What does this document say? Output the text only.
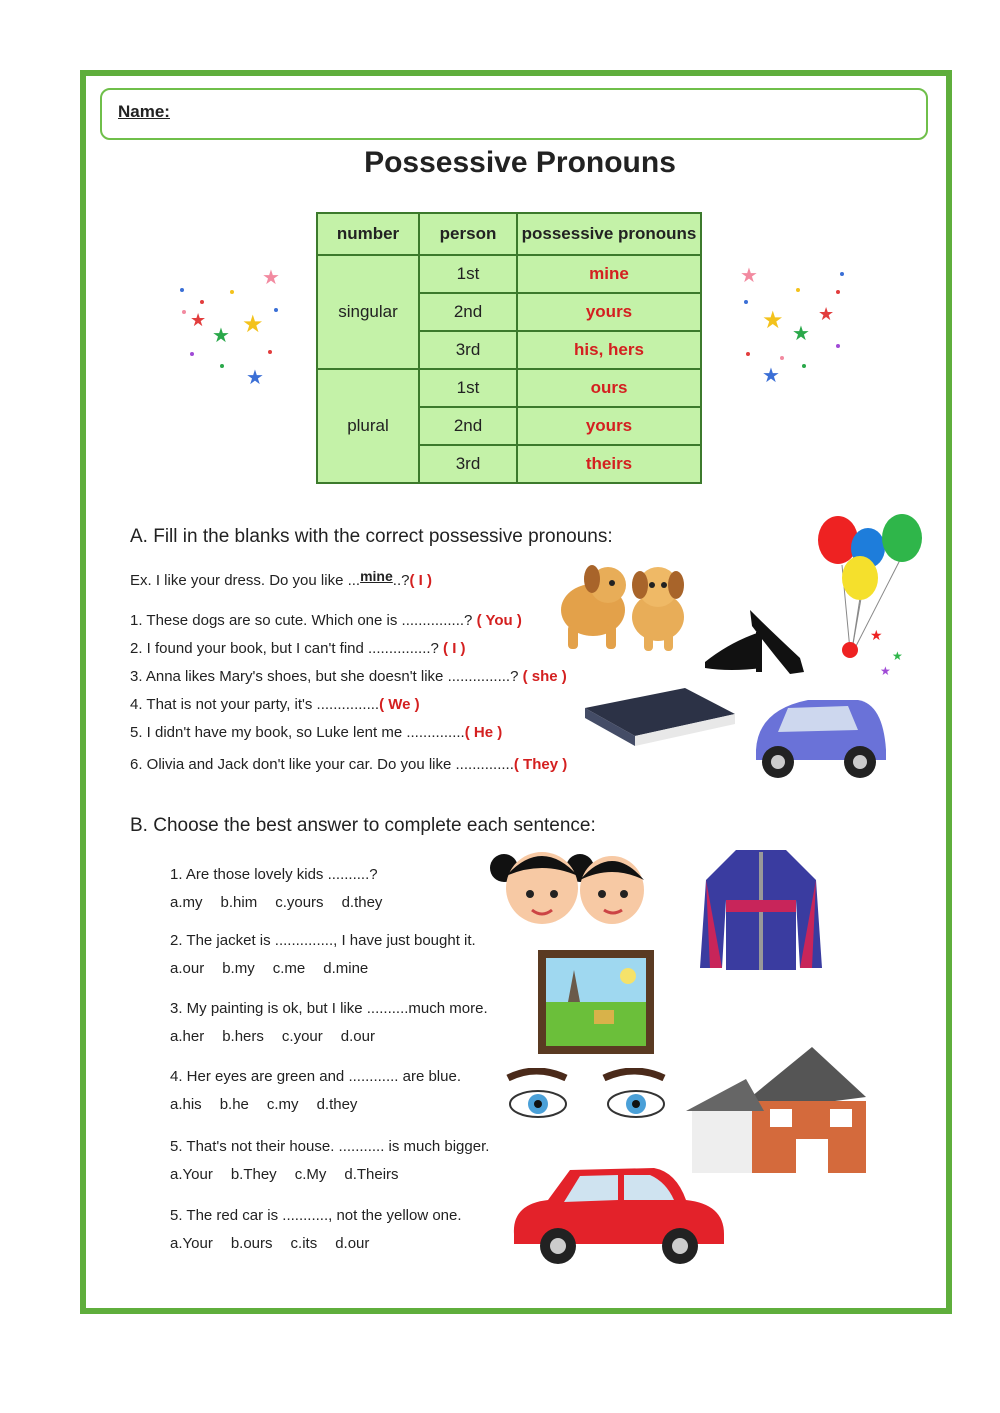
Name:
Possessive Pronouns
★
★
★
★
★
★
★ ★
★
★
number	person	possessive pronouns
singular	1st	mine
	2nd	yours
	3rd	his, hers
plural	1st	ours
	2nd	yours
	3rd	theirs
A. Fill in the blanks with the correct possessive pronouns:
Ex. I like your dress. Do you like ...mine..?( I )
1. These dogs are so cute. Which one is ...............? ( You )
2. I found your book, but I can't find ...............? ( I )
3. Anna likes Mary's shoes, but she doesn't like ...............? ( she )
4. That is not your party, it's ...............( We )
5. I didn't have my book, so Luke lent me ..............( He )
6. Olivia and Jack don't like your car. Do you like ..............( They )
★
★
★
B. Choose the best answer to complete each sentence:
1. Are those lovely kids ..........?
a.my b.him c.yours d.they
2. The jacket is .............., I have just bought it.
a.our b.my c.me d.mine
3. My painting is ok, but I like ..........much more.
a.her b.hers c.your d.our
4. Her eyes are green and ............ are blue.
a.his b.he c.my d.they
5. That's not their house. ........... is much bigger.
a.Your b.They c.My d.Theirs
5. The red car is ..........., not the yellow one.
a.Your b.ours c.its d.our
